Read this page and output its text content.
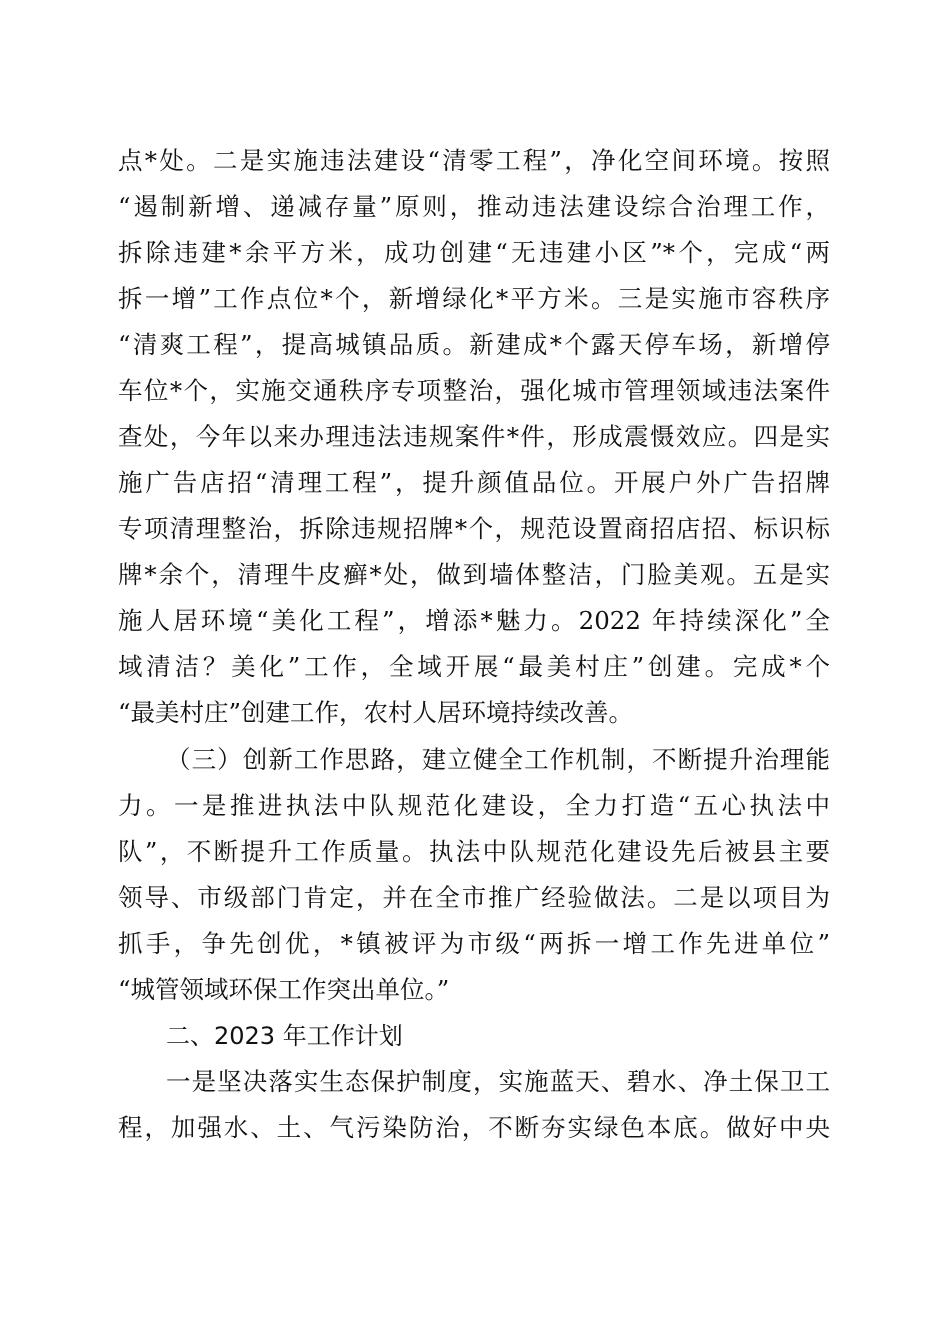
点*处。二是实施违法建设“清零工程”，净化空间环境。按照
“遏制新增、递减存量”原则，推动违法建设综合治理工作，
拆除违建*余平方米，成功创建“无违建小区”*个，完成“两
拆一增”工作点位*个，新增绿化*平方米。三是实施市容秩序
“清爽工程”，提高城镇品质。新建成*个露天停车场，新增停
车位*个，实施交通秩序专项整治，强化城市管理领域违法案件
查处，今年以来办理违法违规案件*件，形成震慑效应。四是实
施广告店招“清理工程”，提升颜值品位。开展户外广告招牌
专项清理整治，拆除违规招牌*个，规范设置商招店招、标识标
牌*余个，清理牛皮癣*处，做到墙体整洁，门脸美观。五是实
施人居环境“美化工程”，增添*魅力。2022 年持续深化”全
域清洁？美化”工作，全域开展“最美村庄”创建。完成*个
“最美村庄”创建工作，农村人居环境持续改善。
（三）创新工作思路，建立健全工作机制，不断提升治理能
力。一是推进执法中队规范化建设，全力打造“五心执法中
队”，不断提升工作质量。执法中队规范化建设先后被县主要
领导、市级部门肯定，并在全市推广经验做法。二是以项目为
抓手，争先创优，*镇被评为市级“两拆一增工作先进单位”
“城管领域环保工作突出单位。”
二、2023 年工作计划
一是坚决落实生态保护制度，实施蓝天、碧水、净土保卫工
程，加强水、土、气污染防治，不断夯实绿色本底。做好中央
